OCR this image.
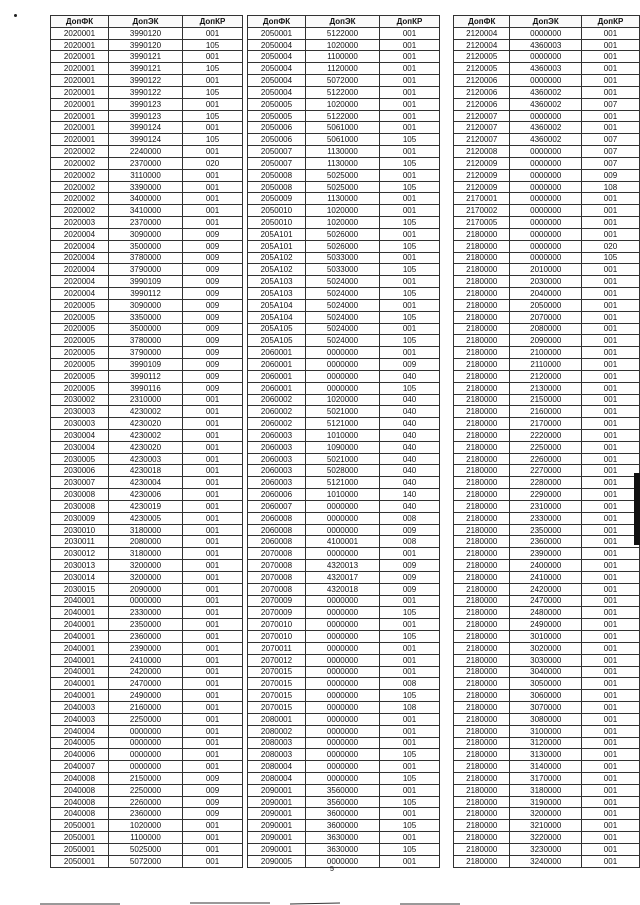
ДопФК	ДопЭК	ДопКР
2020001	3990120	001
2020001	3990120	105
2020001	3990121	001
2020001	3990121	105
2020001	3990122	001
2020001	3990122	105
2020001	3990123	001
2020001	3990123	105
2020001	3990124	001
2020001	3990124	105
2020002	2240000	001
2020002	2370000	020
2020002	3110000	001
2020002	3390000	001
2020002	3400000	001
2020002	3410000	001
2020003	2370000	001
2020004	3090000	009
2020004	3500000	009
2020004	3780000	009
2020004	3790000	009
2020004	3990109	009
2020004	3990112	009
2020005	3090000	009
2020005	3350000	009
2020005	3500000	009
2020005	3780000	009
2020005	3790000	009
2020005	3990109	009
2020005	3990112	009
2020005	3990116	009
2030002	2310000	001
2030003	4230002	001
2030003	4230020	001
2030004	4230002	001
2030004	4230020	001
2030005	4230003	001
2030006	4230018	001
2030007	4230004	001
2030008	4230006	001
2030008	4230019	001
2030009	4230005	001
2030010	3180000	001
2030011	2080000	001
2030012	3180000	001
2030013	3200000	001
2030014	3200000	001
2030015	2090000	001
2040001	0000000	001
2040001	2330000	001
2040001	2350000	001
2040001	2360000	001
2040001	2390000	001
2040001	2410000	001
2040001	2420000	001
2040001	2470000	001
2040001	2490000	001
2040003	2160000	001
2040003	2250000	001
2040004	0000000	001
2040005	0000000	001
2040006	0000000	001
2040007	0000000	001
2040008	2150000	009
2040008	2250000	009
2040008	2260000	009
2040008	2360000	009
2050001	1020000	001
2050001	1100000	001
2050001	5025000	001
2050001	5072000	001
ДопФК	ДопЭК	ДопКР
2050001	5122000	001
2050004	1020000	001
2050004	1100000	001
2050004	1120000	001
2050004	5072000	001
2050004	5122000	001
2050005	1020000	001
2050005	5122000	001
2050006	5061000	001
2050006	5061000	105
2050007	1130000	001
2050007	1130000	105
2050008	5025000	001
2050008	5025000	105
2050009	1130000	001
2050010	1020000	001
2050010	1020000	105
205А101	5026000	001
205А101	5026000	105
205А102	5033000	001
205А102	5033000	105
205А103	5024000	001
205А103	5024000	105
205А104	5024000	001
205А104	5024000	105
205А105	5024000	001
205А105	5024000	105
2060001	0000000	001
2060001	0000000	009
2060001	0000000	040
2060001	0000000	105
2060002	1020000	040
2060002	5021000	040
2060002	5121000	040
2060003	1010000	040
2060003	1090000	040
2060003	5021000	040
2060003	5028000	040
2060003	5121000	040
2060006	1010000	140
2060007	0000000	040
2060008	0000000	008
2060008	0000000	009
2060008	4100001	008
2070008	0000000	001
2070008	4320013	009
2070008	4320017	009
2070008	4320018	009
2070009	0000000	001
2070009	0000000	105
2070010	0000000	001
2070010	0000000	105
2070011	0000000	001
2070012	0000000	001
2070015	0000000	001
2070015	0000000	008
2070015	0000000	105
2070015	0000000	108
2080001	0000000	001
2080002	0000000	001
2080003	0000000	001
2080003	0000000	105
2080004	0000000	001
2080004	0000000	105
2090001	3560000	001
2090001	3560000	105
2090001	3600000	001
2090001	3600000	105
2090001	3630000	001
2090001	3630000	105
2090005	0000000	001
ДопФК	ДопЭК	ДопКР
2120004	0000000	001
2120004	4360003	001
2120005	0000000	001
2120005	4360003	001
2120006	0000000	001
2120006	4360002	001
2120006	4360002	007
2120007	0000000	001
2120007	4360002	001
2120007	4360002	007
2120008	0000000	007
2120009	0000000	007
2120009	0000000	009
2120009	0000000	108
2170001	0000000	001
2170002	0000000	001
2170005	0000000	001
2180000	0000000	001
2180000	0000000	020
2180000	0000000	105
2180000	2010000	001
2180000	2030000	001
2180000	2040000	001
2180000	2050000	001
2180000	2070000	001
2180000	2080000	001
2180000	2090000	001
2180000	2100000	001
2180000	2110000	001
2180000	2120000	001
2180000	2130000	001
2180000	2150000	001
2180000	2160000	001
2180000	2170000	001
2180000	2220000	001
2180000	2250000	001
2180000	2260000	001
2180000	2270000	001
2180000	2280000	001
2180000	2290000	001
2180000	2310000	001
2180000	2330000	001
2180000	2350000	001
2180000	2360000	001
2180000	2390000	001
2180000	2400000	001
2180000	2410000	001
2180000	2420000	001
2180000	2470000	001
2180000	2480000	001
2180000	2490000	001
2180000	3010000	001
2180000	3020000	001
2180000	3030000	001
2180000	3040000	001
2180000	3050000	001
2180000	3060000	001
2180000	3070000	001
2180000	3080000	001
2180000	3100000	001
2180000	3120000	001
2180000	3130000	001
2180000	3140000	001
2180000	3170000	001
2180000	3180000	001
2180000	3190000	001
2180000	3200000	001
2180000	3210000	001
2180000	3220000	001
2180000	3230000	001
2180000	3240000	001
5
